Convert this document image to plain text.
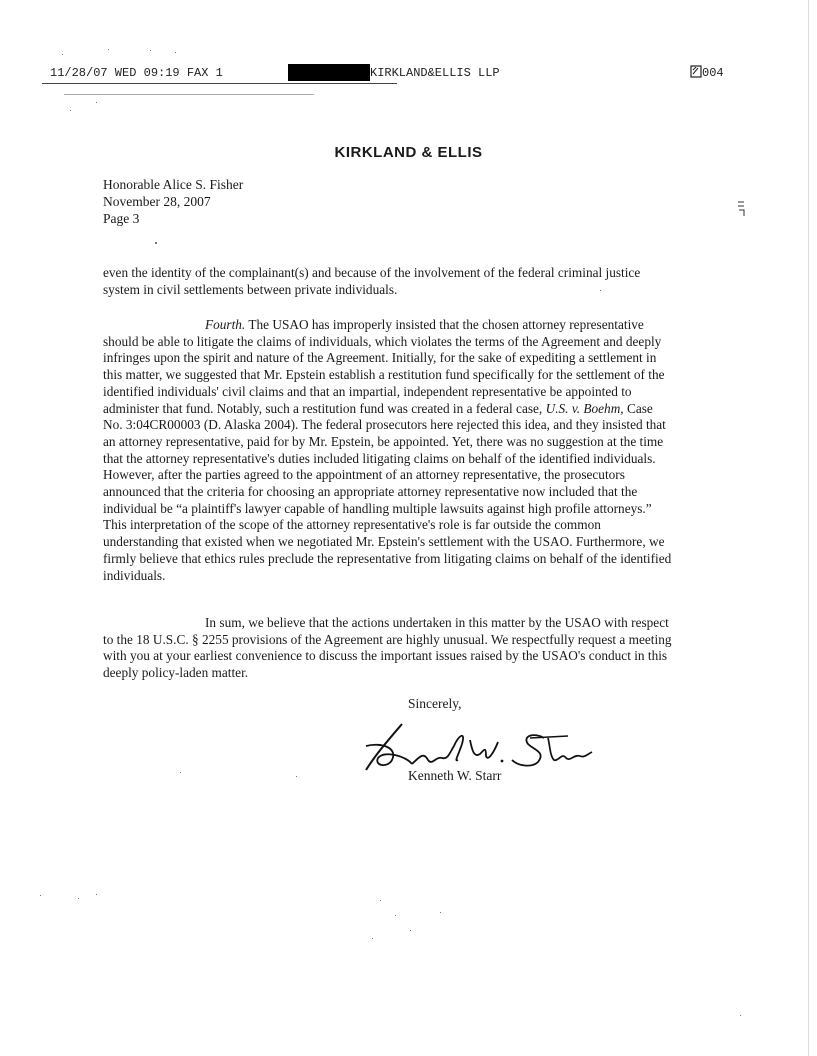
11/28/07 WED 09:19 FAX 1	KIRKLAND&ELLIS LLP	004
KIRKLAND & ELLIS
Honorable Alice S. Fisher
November 28, 2007
Page 3

even the identity of the complainant(s) and because of the involvement of the federal criminal justice system in civil settlements between private individuals.

Fourth. The USAO has improperly insisted that the chosen attorney representative should be able to litigate the claims of individuals, which violates the terms of the Agreement and deeply infringes upon the spirit and nature of the Agreement. Initially, for the sake of expediting a settlement in this matter, we suggested that Mr. Epstein establish a restitution fund specifically for the settlement of the identified individuals' civil claims and that an impartial, independent representative be appointed to administer that fund. Notably, such a restitution fund was created in a federal case, U.S. v. Boehm, Case No. 3:04CR00003 (D. Alaska 2004). The federal prosecutors here rejected this idea, and they insisted that an attorney representative, paid for by Mr. Epstein, be appointed. Yet, there was no suggestion at the time that the attorney representative's duties included litigating claims on behalf of the identified individuals. However, after the parties agreed to the appointment of an attorney representative, the prosecutors announced that the criteria for choosing an appropriate attorney representative now included that the individual be “a plaintiff's lawyer capable of handling multiple lawsuits against high profile attorneys.” This interpretation of the scope of the attorney representative's role is far outside the common understanding that existed when we negotiated Mr. Epstein's settlement with the USAO. Furthermore, we firmly believe that ethics rules preclude the representative from litigating claims on behalf of the identified individuals.

In sum, we believe that the actions undertaken in this matter by the USAO with respect to the 18 U.S.C. § 2255 provisions of the Agreement are highly unusual. We respectfully request a meeting with you at your earliest convenience to discuss the important issues raised by the USAO's conduct in this deeply policy-laden matter.

Sincerely,
Kenneth W. Starr
